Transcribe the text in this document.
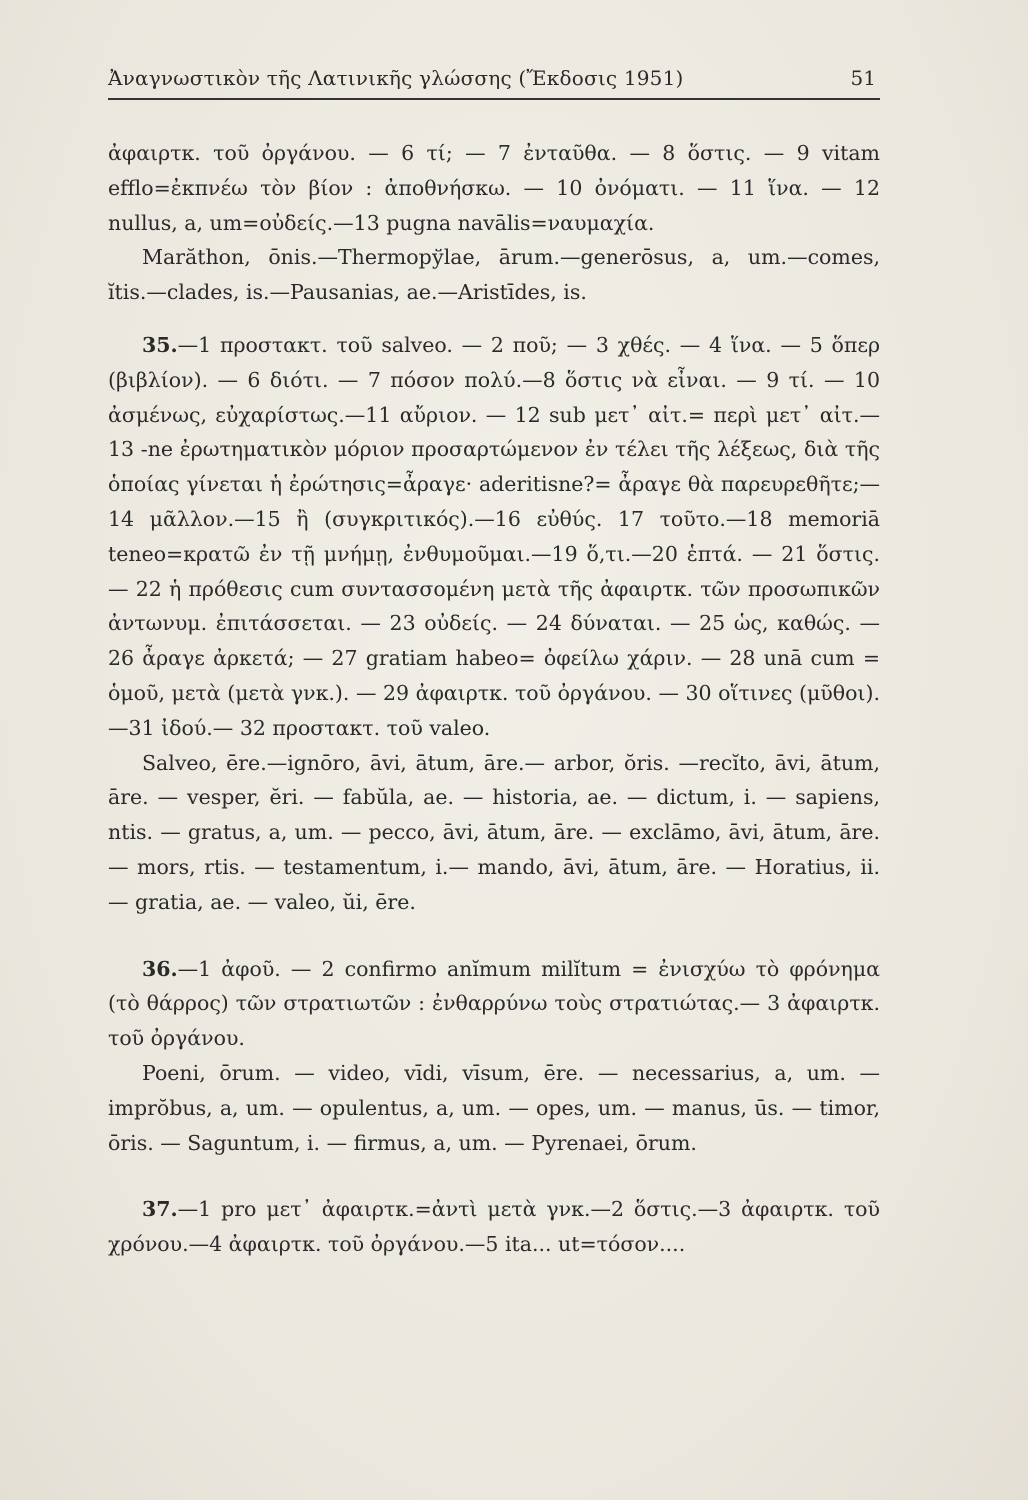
Ἀναγνωστικὸν τῆς Λατινικῆς γλώσσης (Ἔκδοσις 1951)	51

ἀφαιρτκ. τοῦ ὀργάνου. — 6 τί; — 7 ἐνταῦθα. — 8 ὅστις. — 9 vitam efflo=ἐκπνέω τὸν βίον : ἀποθνήσκω. — 10 ὀνόματι. — 11 ἵνα. — 12 nullus, a, um=οὐδείς.—13 pugna navālis=ναυμαχία.

Marăthon, ōnis.—Thermopўlae, ārum.—generōsus, a, um.—comes, ĭtis.—clades, is.—Pausanias, ae.—Aristīdes, is.

35.—1 προστακτ. τοῦ salveo. — 2 ποῦ; — 3 χθές. — 4 ἵνα. — 5 ὅπερ (βιβλίον). — 6 διότι. — 7 πόσον πολύ.—8 ὅστις νὰ εἶναι. — 9 τί. — 10 ἀσμένως, εὐχαρίστως.—11 αὔριον. — 12 sub μετ᾿ αἰτ.= περὶ μετ᾿ αἰτ.—13 -ne ἐρωτηματικὸν μόριον προσαρτώμενον ἐν τέλει τῆς λέξεως, διὰ τῆς ὁποίας γίνεται ἡ ἐρώτησις=ἆραγε· aderitisne?= ἆραγε θὰ παρευρεθῆτε;—14 μᾶλλον.—15 ἢ (συγκριτικός).—16 εὐθύς. 17 τοῦτο.—18 memoriā teneo=κρατῶ ἐν τῇ μνήμῃ, ἐνθυμοῦμαι.—19 ὅ,τι.—20 ἑπτά. — 21 ὅστις. — 22 ἡ πρόθεσις cum συντασσομένη μετὰ τῆς ἀφαιρτκ. τῶν προσωπικῶν ἀντωνυμ. ἐπιτάσσεται. — 23 οὐδείς. — 24 δύναται. — 25 ὡς, καθώς. — 26 ἆραγε ἀρκετά; — 27 gratiam habeo= ὀφείλω χάριν. — 28 unā cum = ὁμοῦ, μετὰ (μετὰ γνκ.). — 29 ἀφαιρτκ. τοῦ ὀργάνου. — 30 οἵτινες (μῦθοι).—31 ἰδού.— 32 προστακτ. τοῦ valeo.

Salveo, ēre.—ignōro, āvi, ātum, āre.— arbor, ŏris. —recĭto, āvi, ātum, āre. — vesper, ĕri. — fabŭla, ae. — historia, ae. — dictum, i. — sapiens, ntis. — gratus, a, um. — pecco, āvi, ātum, āre. — exclāmo, āvi, ātum, āre. — mors, rtis. — testamentum, i.— mando, āvi, ātum, āre. — Horatius, ii. — gratia, ae. — valeo, ŭi, ēre.

36.—1 ἀφοῦ. — 2 confirmo anĭmum milĭtum = ἐνισχύω τὸ φρόνημα (τὸ θάρρος) τῶν στρατιωτῶν : ἐνθαρρύνω τοὺς στρατιώτας.— 3 ἀφαιρτκ. τοῦ ὀργάνου.

Poeni, ōrum. — video, vīdi, vīsum, ēre. — necessarius, a, um. — imprŏbus, a, um. — opulentus, a, um. — opes, um. — manus, ūs. — timor, ōris. — Saguntum, i. — firmus, a, um. — Pyrenaei, ōrum.

37.—1 pro μετ᾿ ἀφαιρτκ.=ἀντὶ μετὰ γνκ.—2 ὅστις.—3 ἀφαιρτκ. τοῦ χρόνου.—4 ἀφαιρτκ. τοῦ ὀργάνου.—5 ita... ut=τόσον....
